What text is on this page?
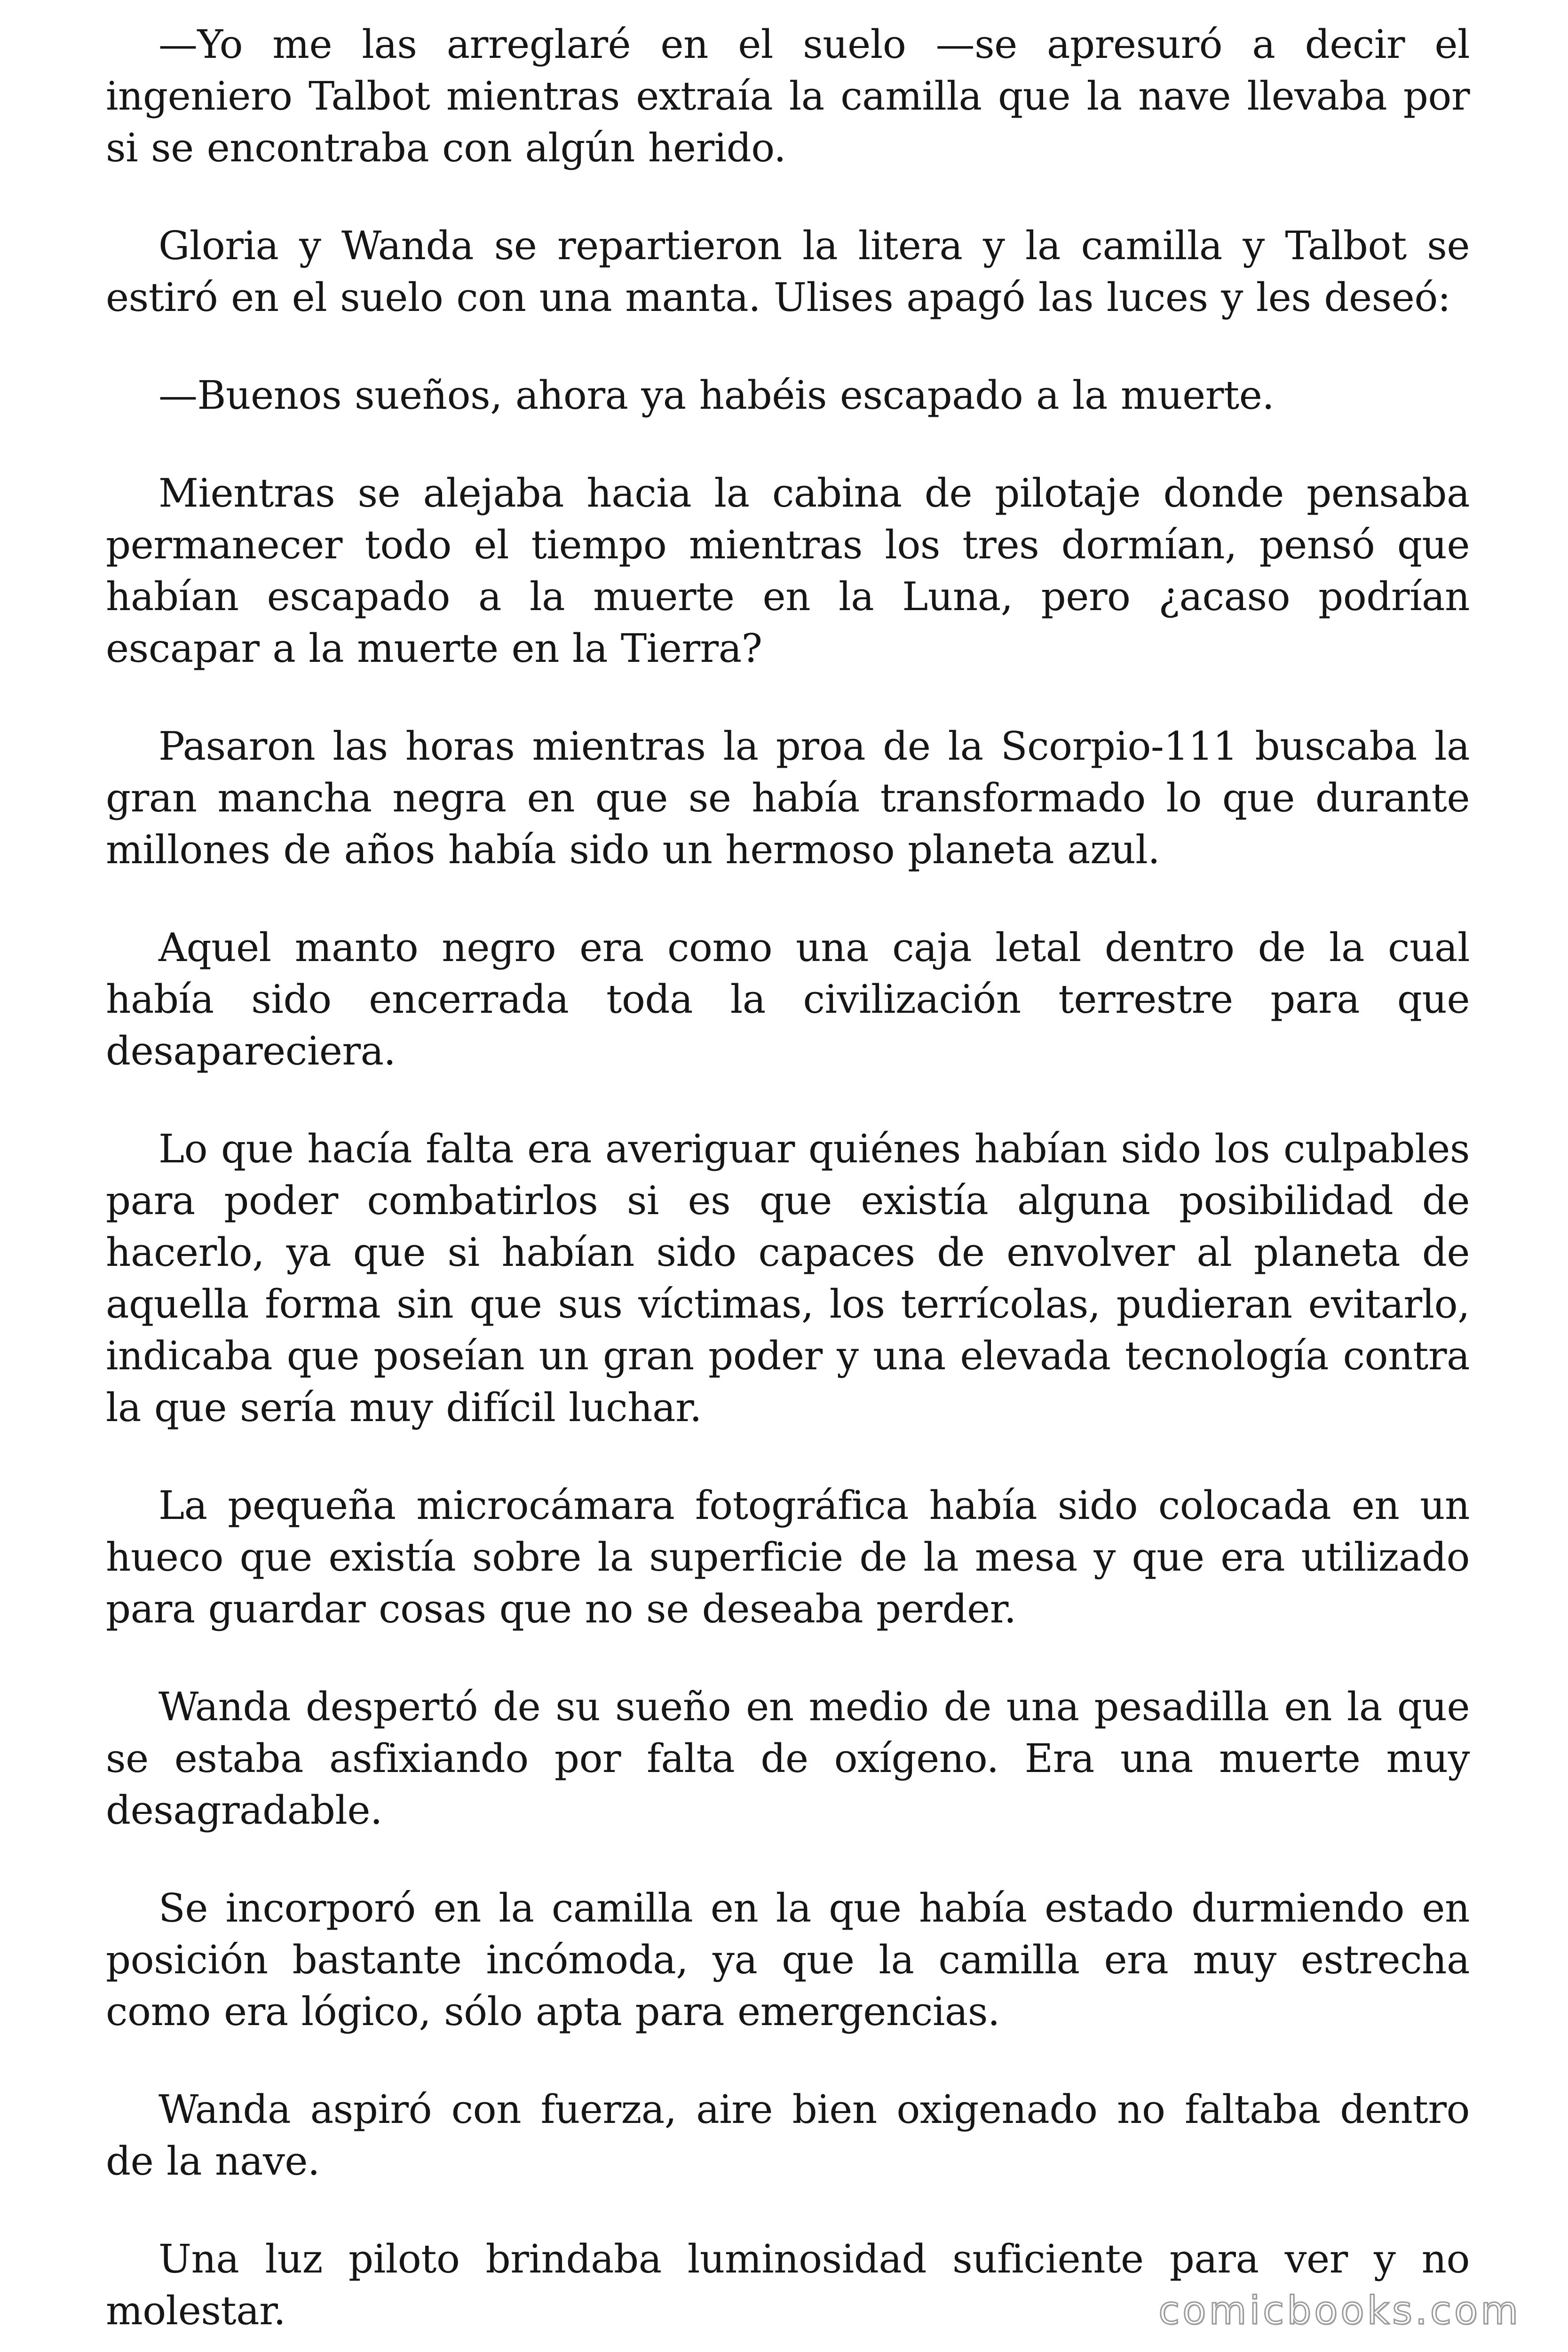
—Yo me las arreglaré en el suelo —se apresuró a decir el ingeniero Talbot mientras extraía la camilla que la nave llevaba por si se encontraba con algún herido.

Gloria y Wanda se repartieron la litera y la camilla y Talbot se estiró en el suelo con una manta. Ulises apagó las luces y les deseó:

—Buenos sueños, ahora ya habéis escapado a la muerte.

Mientras se alejaba hacia la cabina de pilotaje donde pensaba permanecer todo el tiempo mientras los tres dormían, pensó que habían escapado a la muerte en la Luna, pero ¿acaso podrían escapar a la muerte en la Tierra?

Pasaron las horas mientras la proa de la Scorpio-111 buscaba la gran mancha negra en que se había transformado lo que durante millones de años había sido un hermoso planeta azul.

Aquel manto negro era como una caja letal dentro de la cual había sido encerrada toda la civilización terrestre para que desapareciera.

Lo que hacía falta era averiguar quiénes habían sido los culpables para poder combatirlos si es que existía alguna posibilidad de hacerlo, ya que si habían sido capaces de envolver al planeta de aquella forma sin que sus víctimas, los terrícolas, pudieran evitarlo, indicaba que poseían un gran poder y una elevada tecnología contra la que sería muy difícil luchar.

La pequeña microcámara fotográfica había sido colocada en un hueco que existía sobre la superficie de la mesa y que era utilizado para guardar cosas que no se deseaba perder.

Wanda despertó de su sueño en medio de una pesadilla en la que se estaba asfixiando por falta de oxígeno. Era una muerte muy desagradable.

Se incorporó en la camilla en la que había estado durmiendo en posición bastante incómoda, ya que la camilla era muy estrecha como era lógico, sólo apta para emergencias.

Wanda aspiró con fuerza, aire bien oxigenado no faltaba dentro de la nave.

Una luz piloto brindaba luminosidad suficiente para ver y no molestar.	comicbooks.com
